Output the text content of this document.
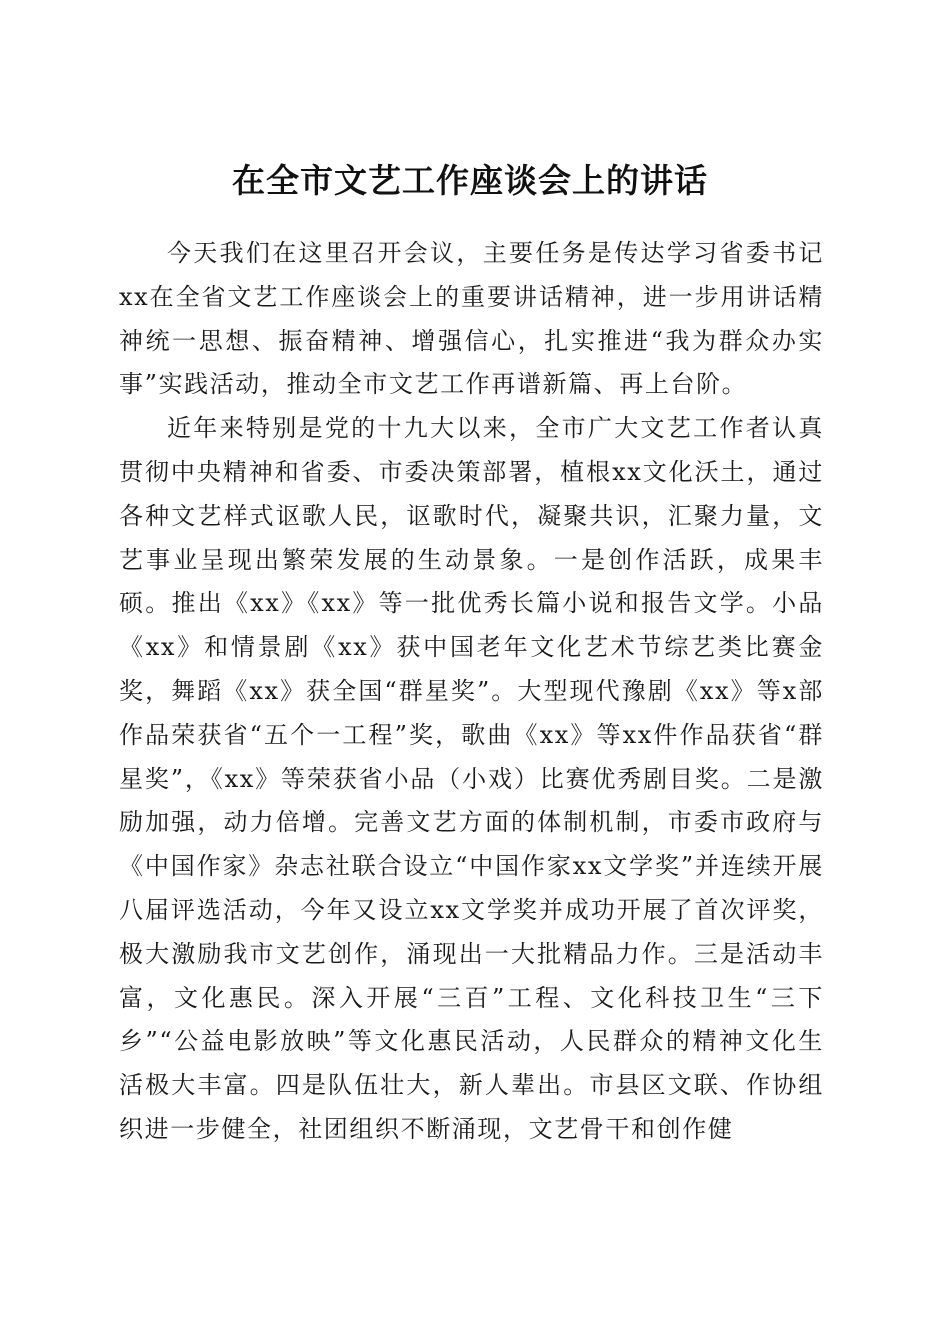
在全市文艺工作座谈会上的讲话

今天我们在这里召开会议，主要任务是传达学习省委书记xx在全省文艺工作座谈会上的重要讲话精神，进一步用讲话精神统一思想、振奋精神、增强信心，扎实推进“我为群众办实事”实践活动，推动全市文艺工作再谱新篇、再上台阶。

近年来特别是党的十九大以来，全市广大文艺工作者认真贯彻中央精神和省委、市委决策部署，植根xx文化沃土，通过各种文艺样式讴歌人民，讴歌时代，凝聚共识，汇聚力量，文艺事业呈现出繁荣发展的生动景象。一是创作活跃，成果丰硕。推出《xx》《xx》等一批优秀长篇小说和报告文学。小品《xx》和情景剧《xx》获中国老年文化艺术节综艺类比赛金奖，舞蹈《xx》获全国“群星奖”。大型现代豫剧《xx》等x部作品荣获省“五个一工程”奖，歌曲《xx》等xx件作品获省“群星奖”，《xx》等荣获省小品（小戏）比赛优秀剧目奖。二是激励加强，动力倍增。完善文艺方面的体制机制，市委市政府与《中国作家》杂志社联合设立“中国作家xx文学奖”并连续开展八届评选活动，今年又设立xx文学奖并成功开展了首次评奖，极大激励我市文艺创作，涌现出一大批精品力作。三是活动丰富，文化惠民。深入开展“三百”工程、文化科技卫生“三下乡”“公益电影放映”等文化惠民活动，人民群众的精神文化生活极大丰富。四是队伍壮大，新人辈出。市县区文联、作协组织进一步健全，社团组织不断涌现，文艺骨干和创作健
